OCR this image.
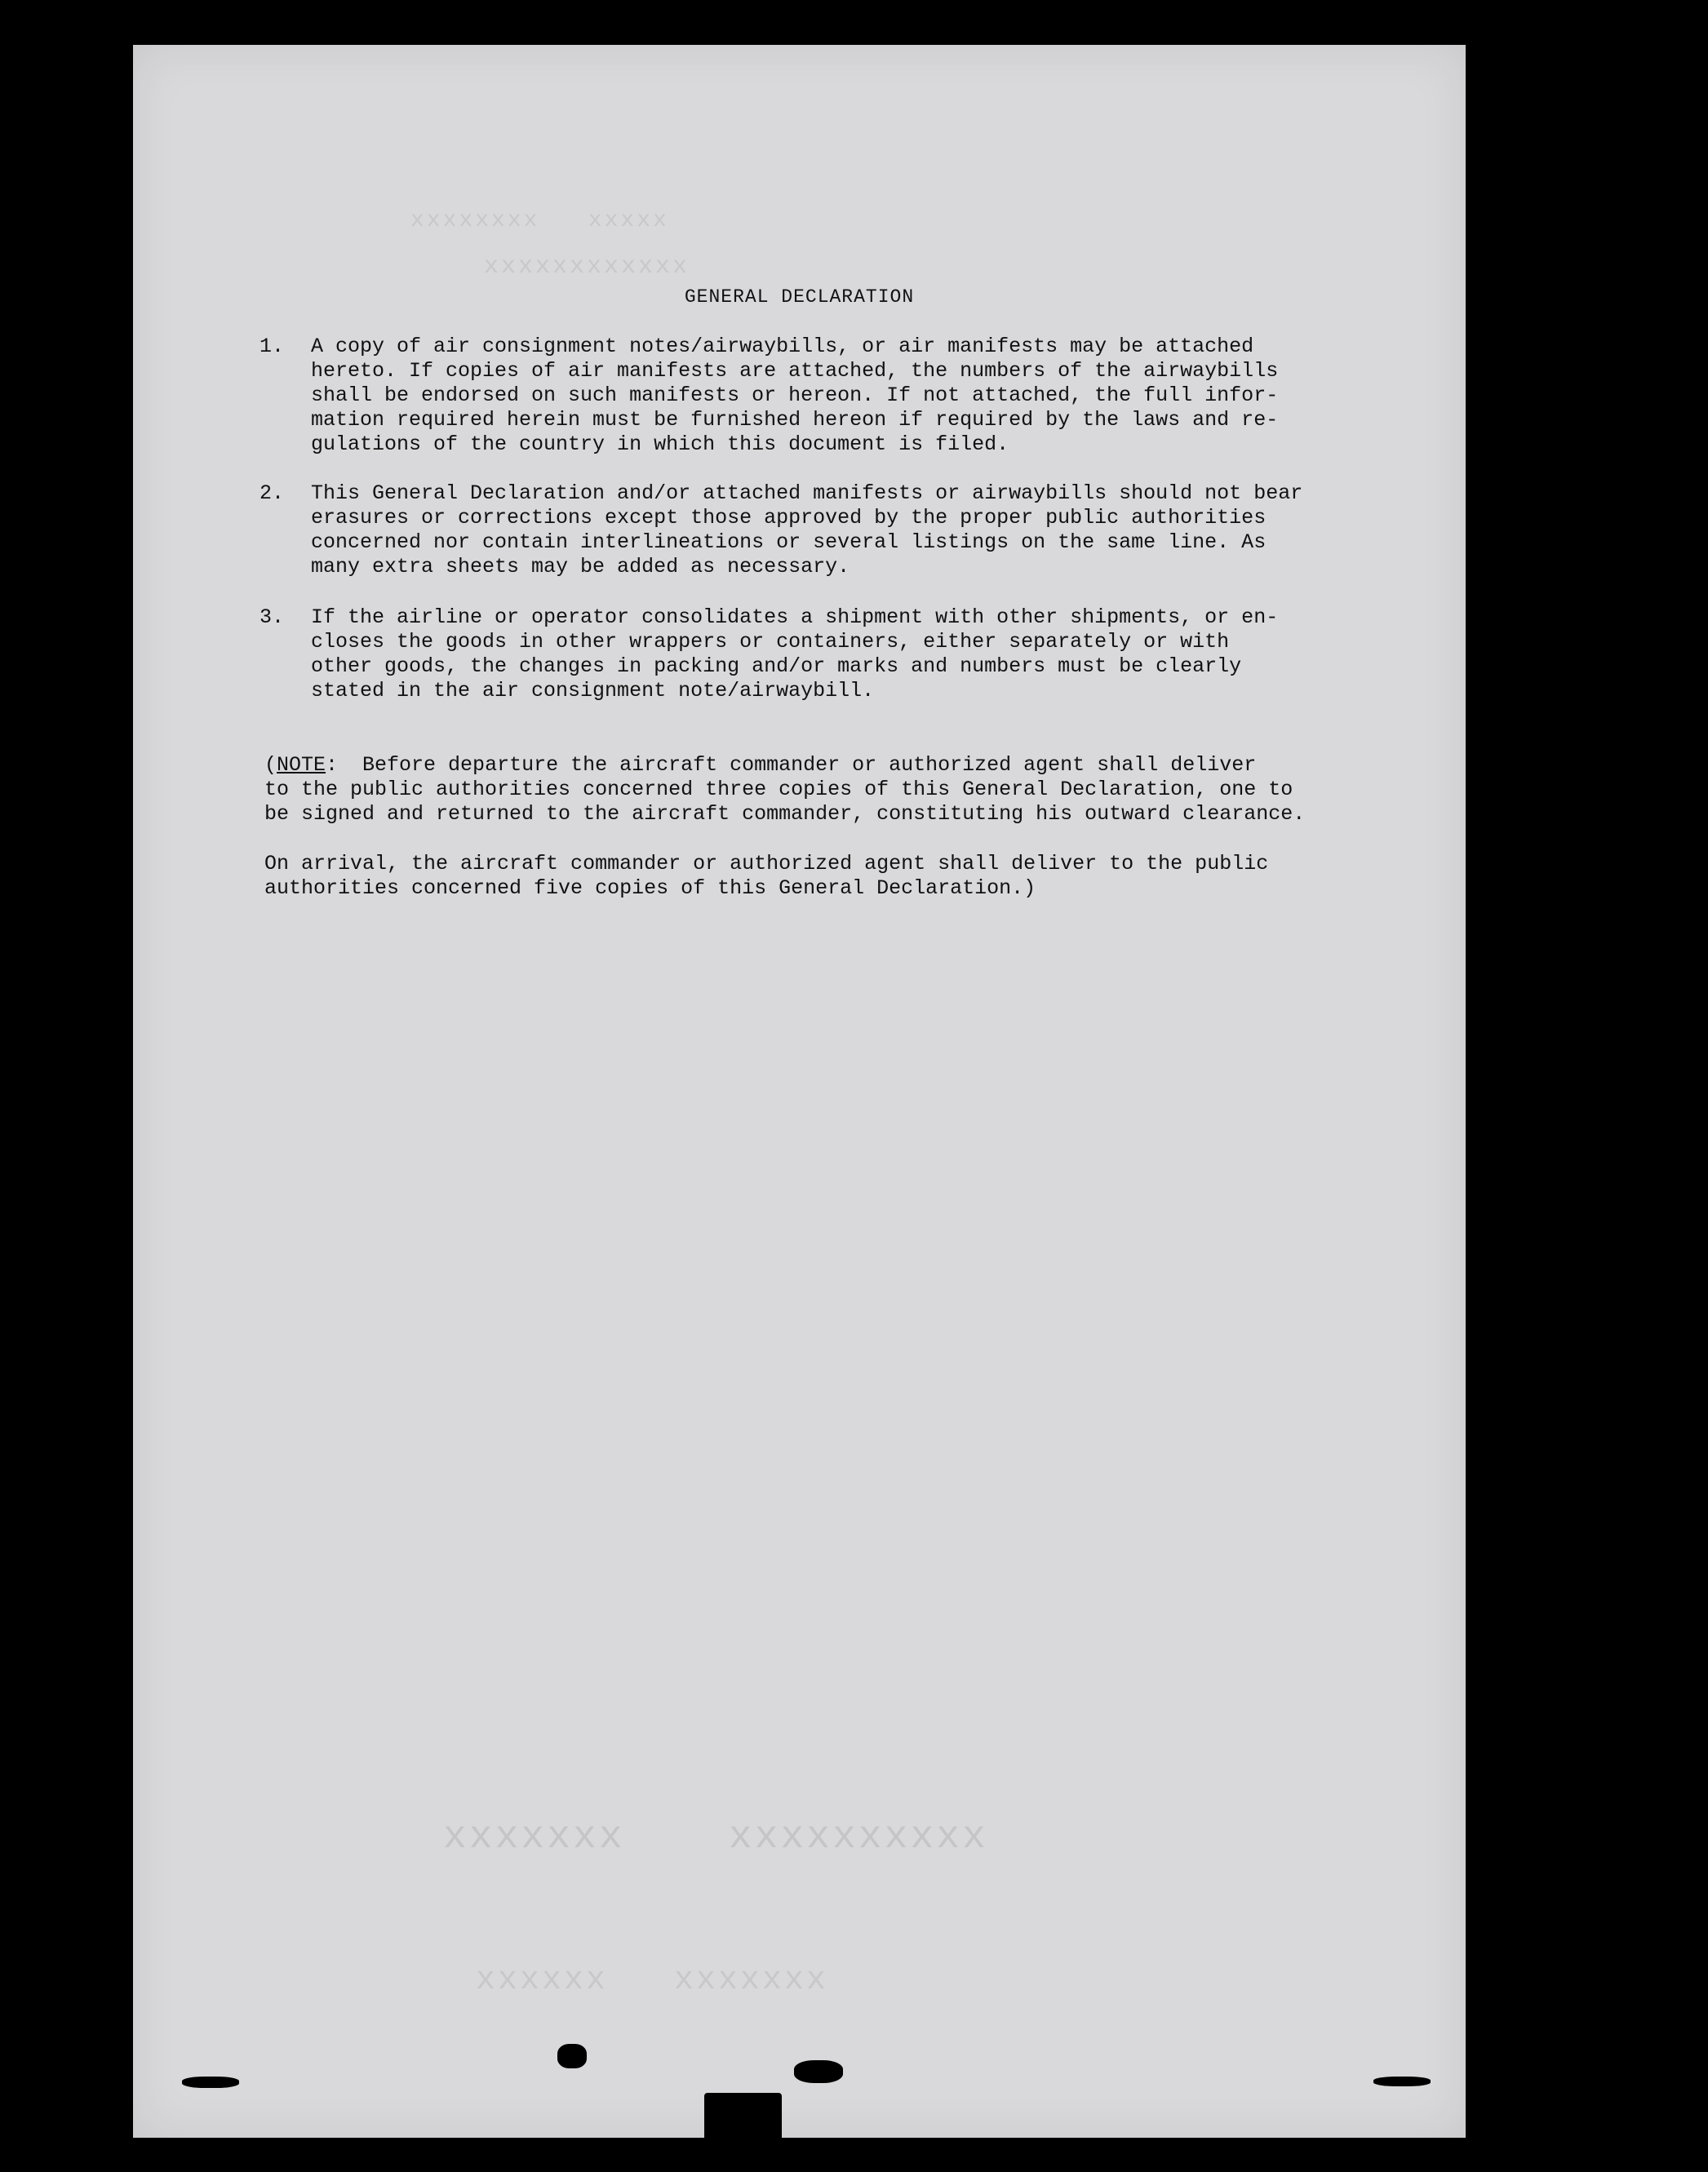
xxxxxxxx   xxxxx
xxxxxxxxxxxx
xxxxxxx    xxxxxxxxxx
xxxxxx   xxxxxxx
GENERAL DECLARATION
1. A copy of air consignment notes/airwaybills, or air manifests may be attached
hereto. If copies of air manifests are attached, the numbers of the airwaybills
shall be endorsed on such manifests or hereon. If not attached, the full infor-
mation required herein must be furnished hereon if required by the laws and re-
gulations of the country in which this document is filed.
2. This General Declaration and/or attached manifests or airwaybills should not bear
erasures or corrections except those approved by the proper public authorities
concerned nor contain interlineations or several listings on the same line. As
many extra sheets may be added as necessary.
3. If the airline or operator consolidates a shipment with other shipments, or en-
closes the goods in other wrappers or containers, either separately or with
other goods, the changes in packing and/or marks and numbers must be clearly
stated in the air consignment note/airwaybill.
(NOTE:  Before departure the aircraft commander or authorized agent shall deliver
to the public authorities concerned three copies of this General Declaration, one to
be signed and returned to the aircraft commander, constituting his outward clearance.
On arrival, the aircraft commander or authorized agent shall deliver to the public
authorities concerned five copies of this General Declaration.)
